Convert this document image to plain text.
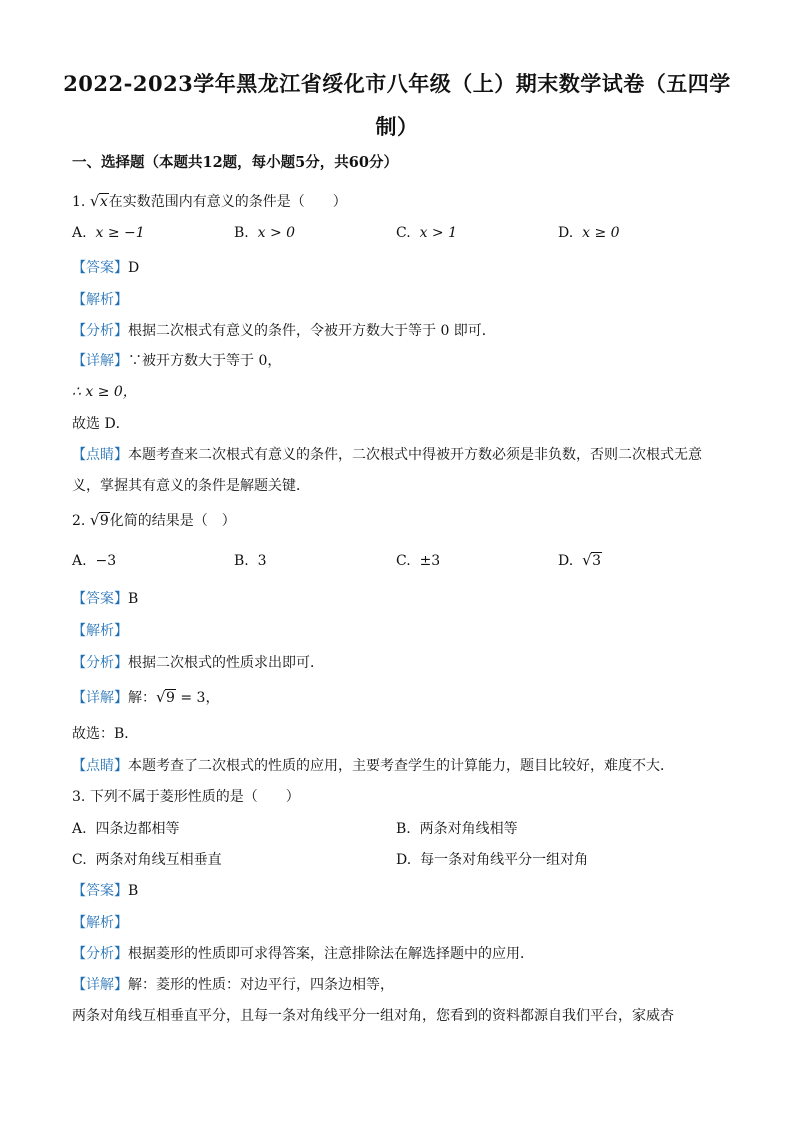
2022-2023学年黑龙江省绥化市八年级（上）期末数学试卷（五四学
制）
一、选择题（本题共12题，每小题5分，共60分）
1. √ x在实数范围内有意义的条件是（　　）
A. x ≥ −1	B. x > 0	C. x > 1	D. x ≥ 0
【答案】D
【解析】
【分析】根据二次根式有意义的条件，令被开方数大于等于 0 即可．
【详解】∵被开方数大于等于 0，
∴ x ≥ 0，
故选 D．
【点睛】本题考查来二次根式有意义的条件，二次根式中得被开方数必须是非负数，否则二次根式无意
义，掌握其有意义的条件是解题关键．
2. √ 9化简的结果是（　）
A. −3	B. 3	C. ±3	D. √ 3
【答案】B
【解析】
【分析】根据二次根式的性质求出即可．
【详解】解： √ 9 = 3，
故选：B．
【点睛】本题考查了二次根式的性质的应用，主要考查学生的计算能力，题目比较好，难度不大．
3. 下列不属于菱形性质的是（　　）
A. 四条边都相等	B. 两条对角线相等
C. 两条对角线互相垂直	D. 每一条对角线平分一组对角
【答案】B
【解析】
【分析】根据菱形的性质即可求得答案，注意排除法在解选择题中的应用．
【详解】解：菱形的性质：对边平行，四条边相等，
两条对角线互相垂直平分，且每一条对角线平分一组对角，您看到的资料都源自我们平台，家威杏
